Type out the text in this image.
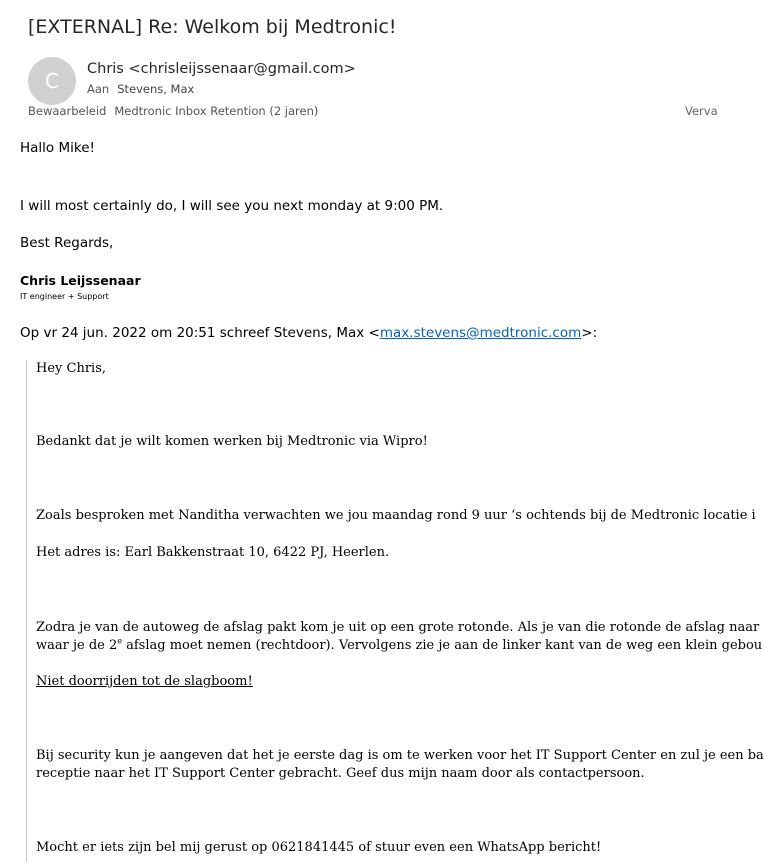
[EXTERNAL] Re: Welkom bij Medtronic!
C	Chris <chrisleijssenaar@gmail.com>
Aan Stevens, Max
Bewaarbeleid Medtronic Inbox Retention (2 jaren)	Verva
Hallo Mike!
I will most certainly do, I will see you next monday at 9:00 PM.
Best Regards,
Chris Leijssenaar
IT engineer + Support
Op vr 24 jun. 2022 om 20:51 schreef Stevens, Max <max.stevens@medtronic.com>:
Hey Chris,
Bedankt dat je wilt komen werken bij Medtronic via Wipro!
Zoals besproken met Nanditha verwachten we jou maandag rond 9 uur ‘s ochtends bij de Medtronic locatie i
Het adres is: Earl Bakkenstraat 10, 6422 PJ, Heerlen.
Zodra je van de autoweg de afslag pakt kom je uit op een grote rotonde. Als je van die rotonde de afslag naar
waar je de 2e afslag moet nemen (rechtdoor). Vervolgens zie je aan de linker kant van de weg een klein gebou
Niet doorrijden tot de slagboom!
Bij security kun je aangeven dat het je eerste dag is om te werken voor het IT Support Center en zul je een ba
receptie naar het IT Support Center gebracht. Geef dus mijn naam door als contactpersoon.
Mocht er iets zijn bel mij gerust op 0621841445 of stuur even een WhatsApp bericht!
